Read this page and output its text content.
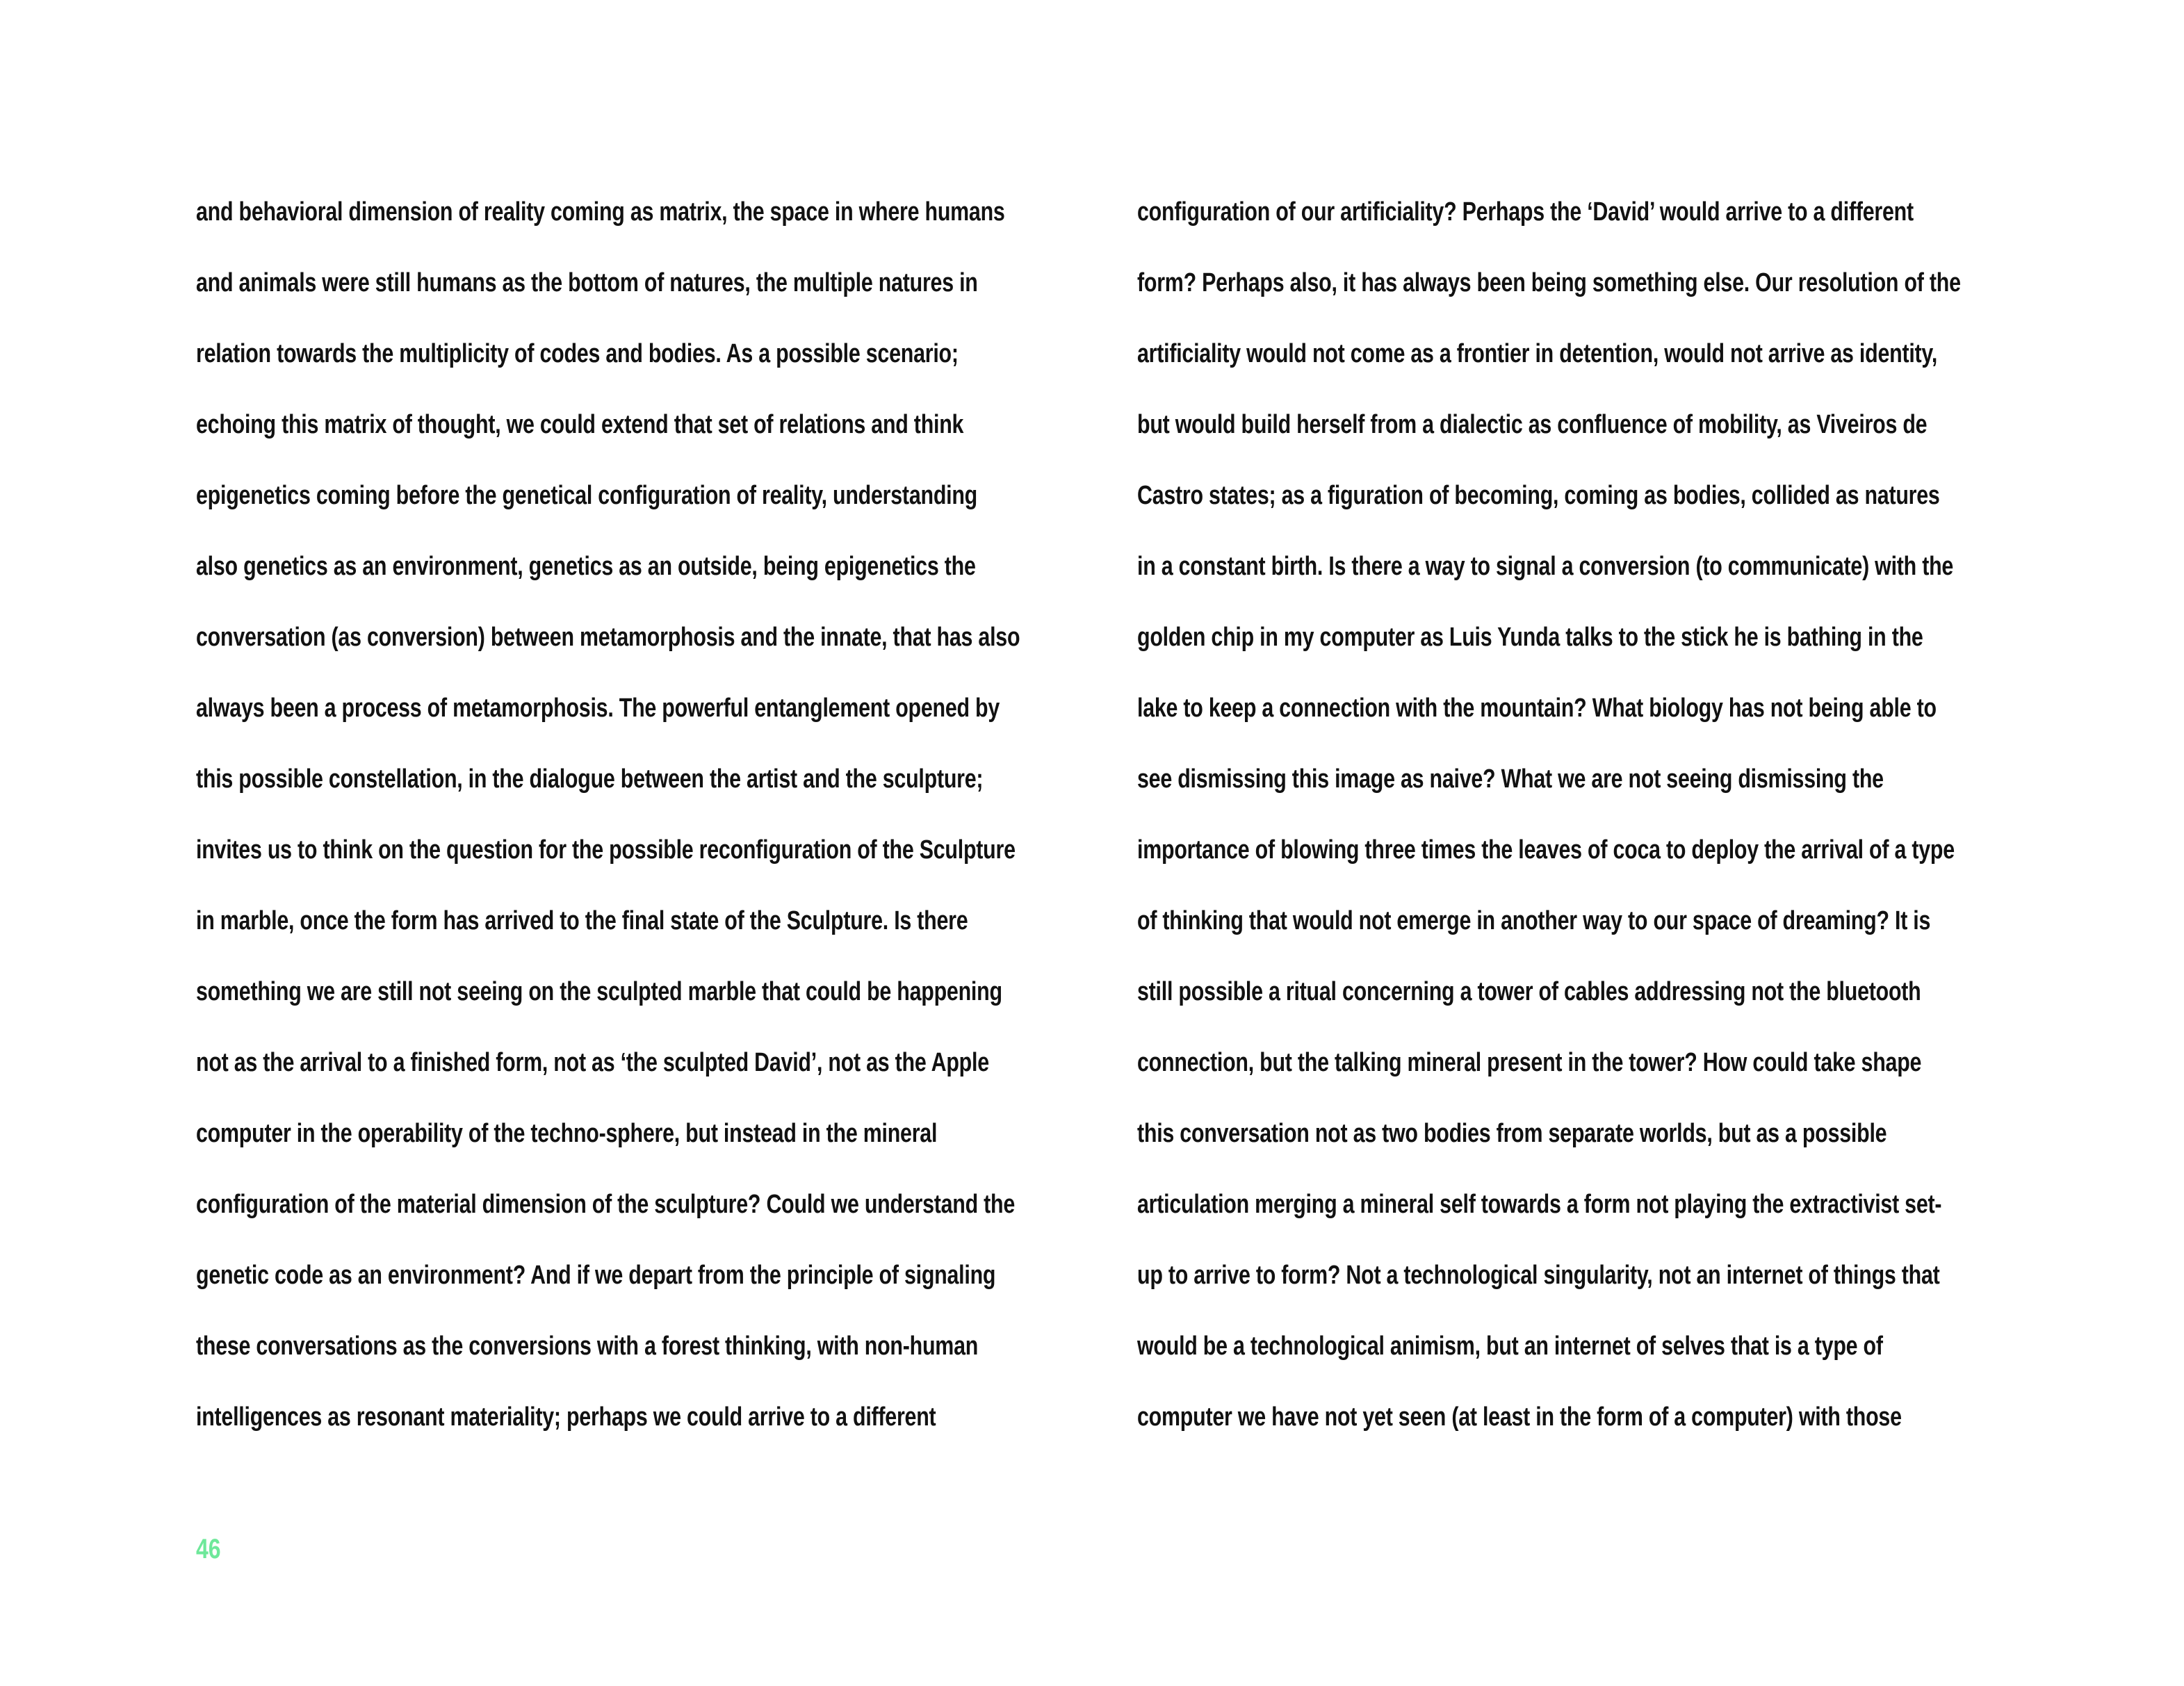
and behavioral dimension of reality coming as matrix, the space in where humans
and animals were still humans as the bottom of natures, the multiple natures in
relation towards the multiplicity of codes and bodies. As a possible scenario;
echoing this matrix of thought, we could extend that set of relations and think
epigenetics coming before the genetical configuration of reality, understanding
also genetics as an environment, genetics as an outside, being epigenetics the
conversation (as conversion) between metamorphosis and the innate, that has also
always been a process of metamorphosis. The powerful entanglement opened by
this possible constellation, in the dialogue between the artist and the sculpture;
invites us to think on the question for the possible reconfiguration of the Sculpture
in marble, once the form has arrived to the final state of the Sculpture. Is there
something we are still not seeing on the sculpted marble that could be happening
not as the arrival to a finished form, not as ‘the sculpted David’, not as the Apple
computer in the operability of the techno-sphere, but instead in the mineral
configuration of the material dimension of the sculpture? Could we understand the
genetic code as an environment? And if we depart from the principle of signaling
these conversations as the conversions with a forest thinking, with non-human
intelligences as resonant materiality; perhaps we could arrive to a different
configuration of our artificiality? Perhaps the ‘David’ would arrive to a different
form? Perhaps also, it has always been being something else. Our resolution of the
artificiality would not come as a frontier in detention, would not arrive as identity,
but would build herself from a dialectic as confluence of mobility, as Viveiros de
Castro states; as a figuration of becoming, coming as bodies, collided as natures
in a constant birth. Is there a way to signal a conversion (to communicate) with the
golden chip in my computer as Luis Yunda talks to the stick he is bathing in the
lake to keep a connection with the mountain? What biology has not being able to
see dismissing this image as naive? What we are not seeing dismissing the
importance of blowing three times the leaves of coca to deploy the arrival of a type
of thinking that would not emerge in another way to our space of dreaming? It is
still possible a ritual concerning a tower of cables addressing not the bluetooth
connection, but the talking mineral present in the tower? How could take shape
this conversation not as two bodies from separate worlds, but as a possible
articulation merging a mineral self towards a form not playing the extractivist set-
up to arrive to form? Not a technological singularity, not an internet of things that
would be a technological animism, but an internet of selves that is a type of
computer we have not yet seen (at least in the form of a computer) with those
46
